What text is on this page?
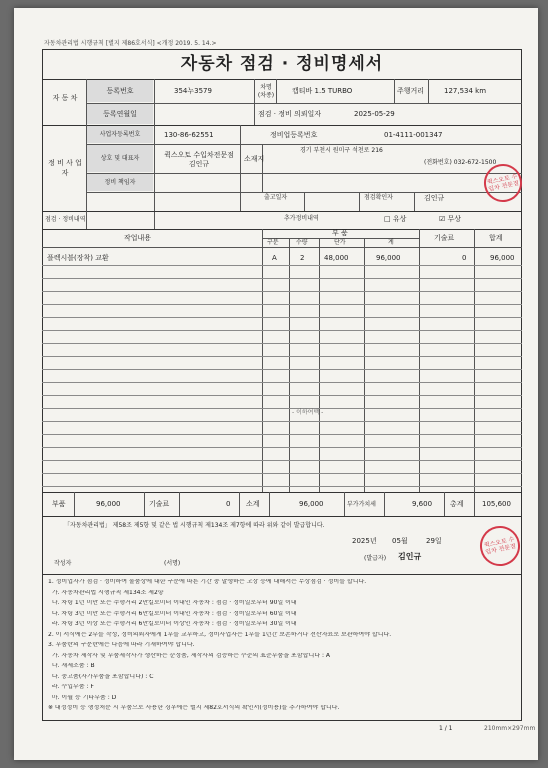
자동차관리법 시행규칙 [별지 제86호서식] <개정 2019. 5. 14.>
자동차 점검 · 정비명세서
자 동 차
등록번호	354누3579	차명 (차종)
캡티바 1.5 TURBO	주행거리	127,534 km
등록연월일	점검 · 정비 의뢰일자	2025-05-29
정 비 사 업 자
사업자등록번호	130-86-62551	정비업등록번호	01-4111-001347
상호 및 대표자	퀵스오토 수입차전문점 김인규
소재지
경기 부천시 원미구 석천로 216
(전화번호) 032-672-1500
정비 책임자
출고일자	점검확인자	김인규
퀵스오토 수입차 전문점
점검 · 정비내역	추가정비내역	□ 유상	☑ 무상
작업내용
부 품
기술료	합계
구분	수량	단가	계
플렉시블(장착) 교환	A	2	48,000	96,000	0	96,000
- 이하여백 -
부품	96,000	기술료	0 소계	96,000	부가가치세	9,600	총계	105,600
「자동차관리법」 제58조 제5항 및 같은 법 시행규칙 제134조 제7항에 따라 위와 같이 발급합니다.
2025년 05월	29일
(발급자) 김인규
작성자	(서명)
퀵스오토 수입차 전문점
1. 정비업자가 점검 · 정비하여 물품상에 대한 구분에 따른 기간 중 발생하는 고장 등에 대해서는 무상점검 · 정비를 합니다.
가. 자동차관리법 시행규칙 제134조 제2항
나. 차령 1년 미만 또는 주행거리 2만킬로미터 이내인 자동차 : 점검 · 정비일로부터 90일 이내
다. 차령 3년 미만 또는 주행거리 6만킬로미터 이내인 자동차 : 점검 · 정비일로부터 60일 이내
라. 차령 3년 이상 또는 주행거리 6만킬로미터 이상인 자동차 : 점검 · 정비일로부터 30일 이내
2. 이 서식에는 2부를 작성, 정비의뢰자에게 1부를 교부하고, 정비사업자는 1부를 1년간 보존하거나 전산자료로 보관하여야 합니다.
3. 부품란의 구분란에는 다음에 따라 기재하여야 합니다.
가. 자동차 제작사 및 부품제작사가 생산하는 순정품, 제작사의 검증하는 수준의 표준부품을 포함합니다 : A
나. 재제조품 : B
다. 중고품(자가부품을 포함합니다) : C
라. 수입부품 : F
마. 이월 등 기타부품 : D
※ 대정정비 등 행정처분 시 부품으로 사용한 경우에는 별지 제82호서식의 확인서(정비용)를 추가하여야 합니다.
1 / 1	210mm×297mm
